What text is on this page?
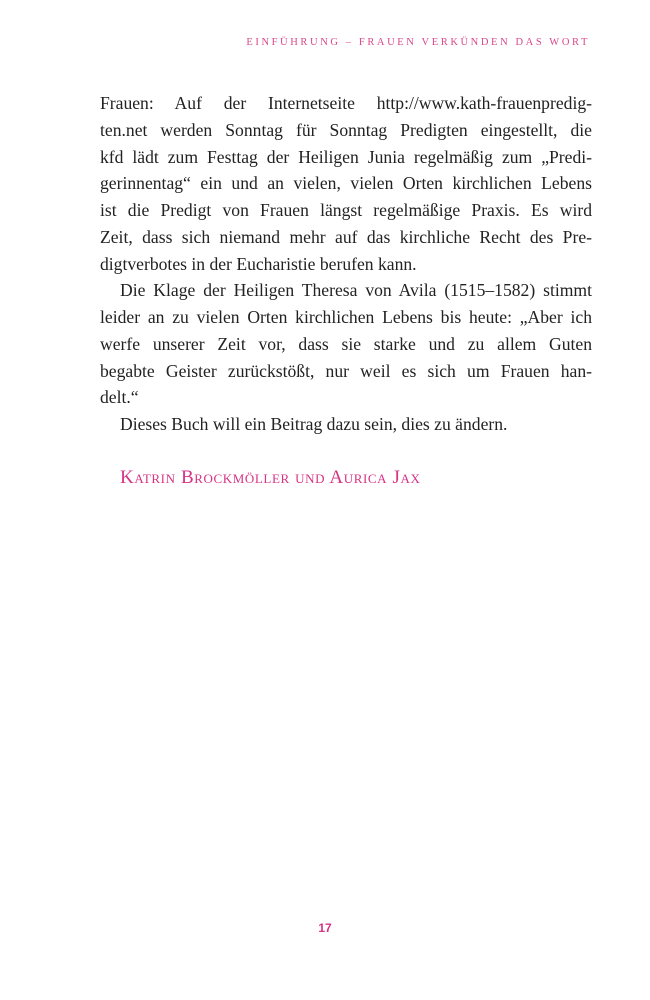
EINFÜHRUNG – FRAUEN VERKÜNDEN DAS WORT
Frauen: Auf der Internetseite http://www.kath-frauenpredig-
ten.net werden Sonntag für Sonntag Predigten eingestellt, die
kfd lädt zum Festtag der Heiligen Junia regelmäßig zum „Predi-
gerinnentag“ ein und an vielen, vielen Orten kirchlichen Lebens
ist die Predigt von Frauen längst regelmäßige Praxis. Es wird
Zeit, dass sich niemand mehr auf das kirchliche Recht des Pre-
digtverbotes in der Eucharistie berufen kann.
Die Klage der Heiligen Theresa von Avila (1515–1582) stimmt
leider an zu vielen Orten kirchlichen Lebens bis heute: „Aber ich
werfe unserer Zeit vor, dass sie starke und zu allem Guten
begabte Geister zurückstößt, nur weil es sich um Frauen han-
delt.“
Dieses Buch will ein Beitrag dazu sein, dies zu ändern.
Katrin Brockmöller und Aurica Jax
17
